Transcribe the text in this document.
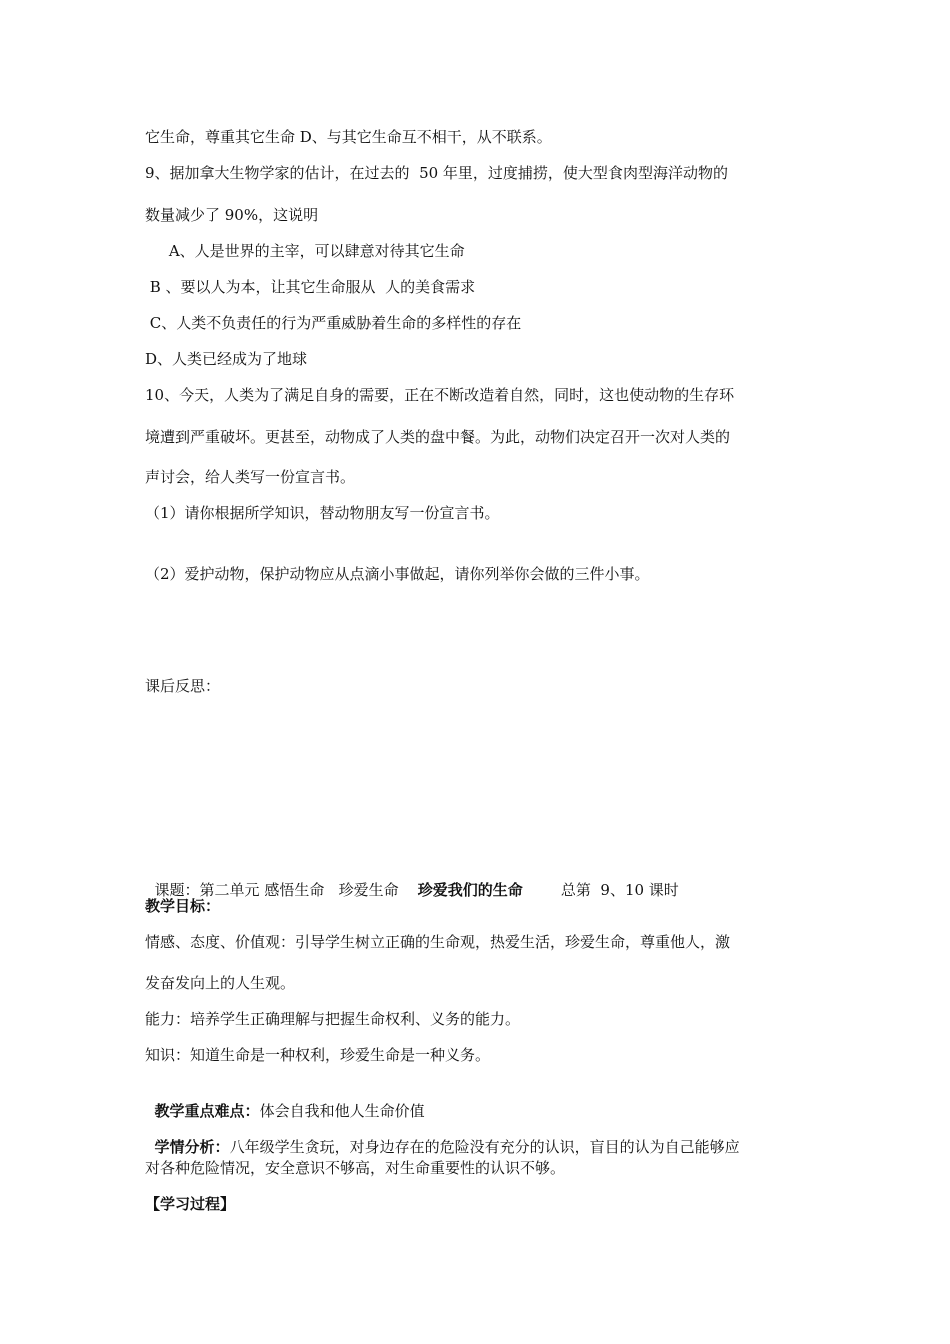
它生命，尊重其它生命 D、与其它生命互不相干，从不联系。
9、据加拿大生物学家的估计，在过去的  50 年里，过度捕捞，使大型食肉型海洋动物的
数量减少了 90%，这说明
A、人是世界的主宰，可以肆意对待其它生命
B 、要以人为本，让其它生命服从  人的美食需求
C、人类不负责任的行为严重威胁着生命的多样性的存在
D、人类已经成为了地球
10、今天，人类为了满足自身的需要，正在不断改造着自然，同时，这也使动物的生存环
境遭到严重破坏。更甚至，动物成了人类的盘中餐。为此，动物们决定召开一次对人类的
声讨会，给人类写一份宣言书。
（1）请你根据所学知识，替动物朋友写一份宣言书。
（2）爱护动物，保护动物应从点滴小事做起，请你列举你会做的三件小事。
课后反思：

课题：第二单元 感悟生命   珍爱生命    珍爱我们的生命        总第  9、10 课时

教学目标：
情感、态度、价值观：引导学生树立正确的生命观，热爱生活，珍爱生命，尊重他人，激
发奋发向上的人生观。
能力：培养学生正确理解与把握生命权利、义务的能力。
知识：知道生命是一种权利，珍爱生命是一种义务。

教学重点难点：体会自我和他人生命价值

学情分析：八年级学生贪玩，对身边存在的危险没有充分的认识，盲目的认为自己能够应

对各种危险情况，安全意识不够高，对生命重要性的认识不够。
【学习过程】
